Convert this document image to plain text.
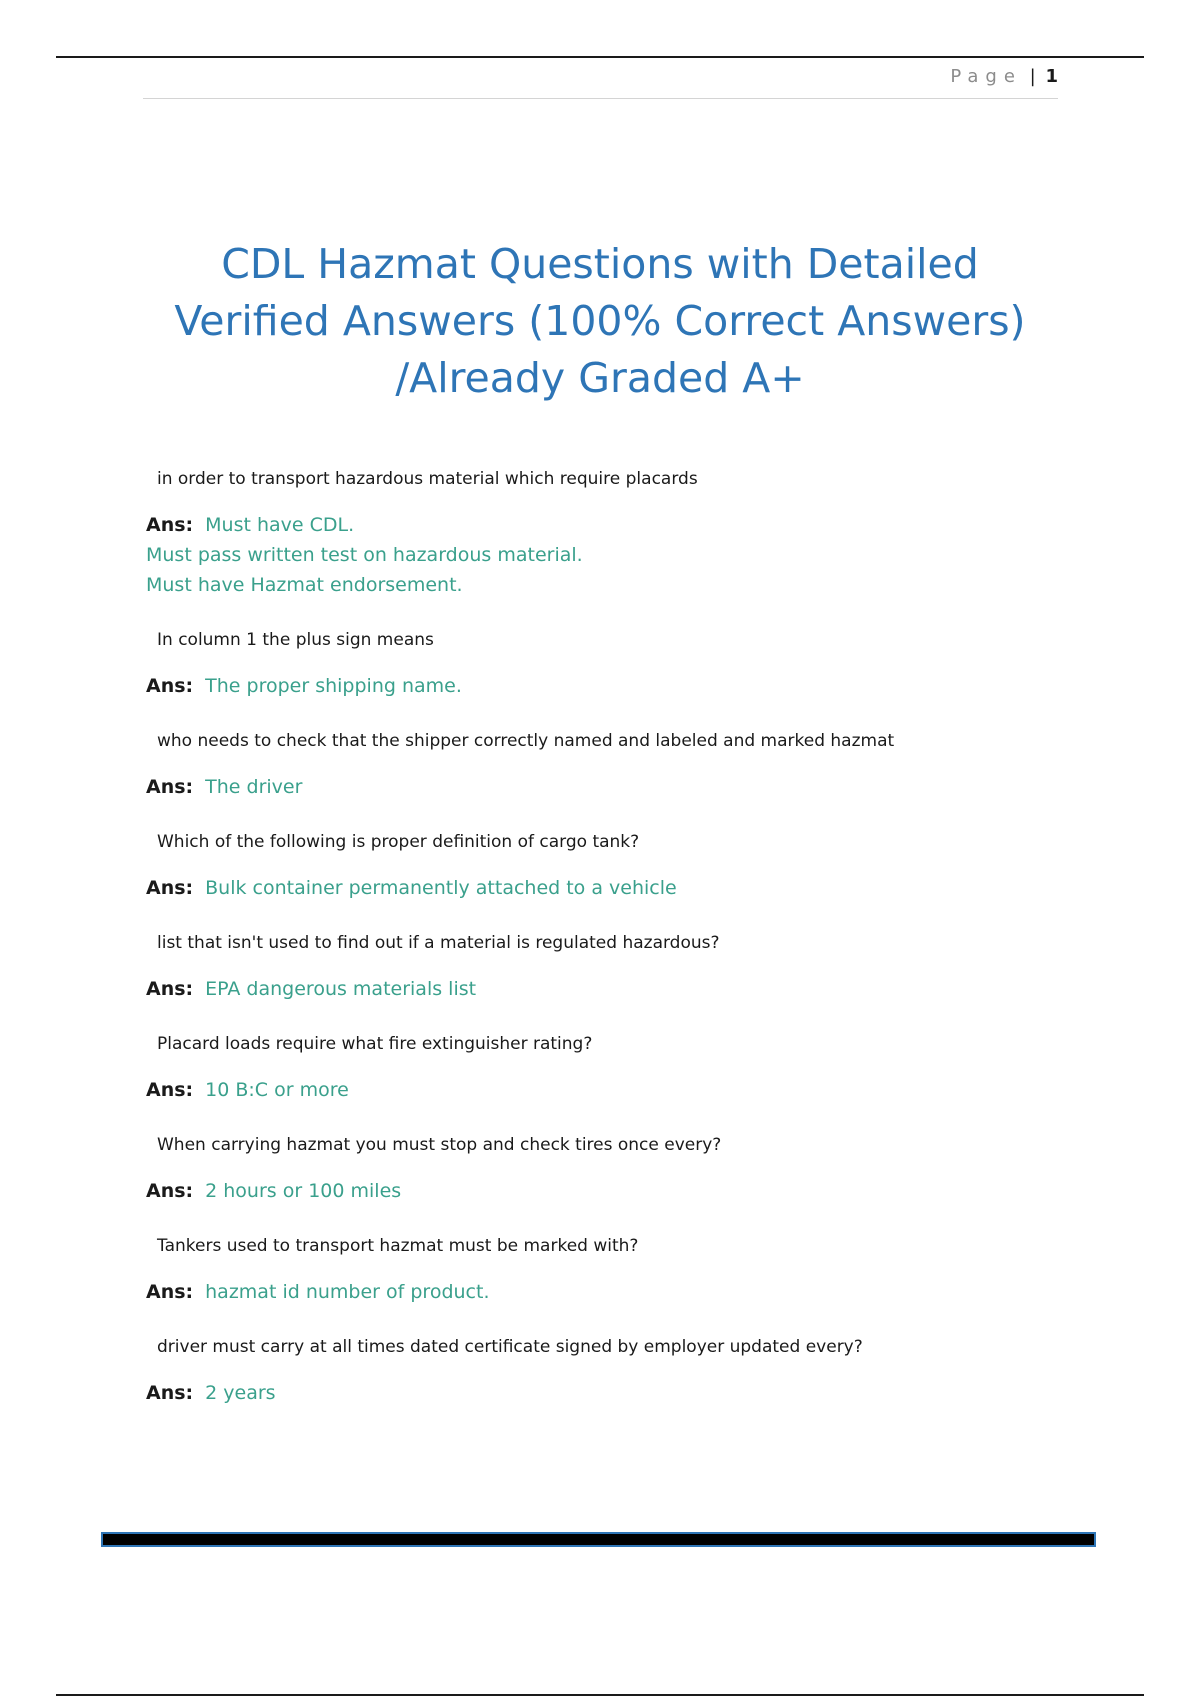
Page | 1
CDL Hazmat Questions with Detailed
Verified Answers (100% Correct Answers)
/Already Graded A+
in order to transport hazardous material which require placards
Ans: Must have CDL.
Must pass written test on hazardous material.
Must have Hazmat endorsement.
In column 1 the plus sign means
Ans: The proper shipping name.
who needs to check that the shipper correctly named and labeled and marked hazmat
Ans: The driver
Which of the following is proper definition of cargo tank?
Ans: Bulk container permanently attached to a vehicle
list that isn't used to find out if a material is regulated hazardous?
Ans: EPA dangerous materials list
Placard loads require what fire extinguisher rating?
Ans: 10 B:C or more
When carrying hazmat you must stop and check tires once every?
Ans: 2 hours or 100 miles
Tankers used to transport hazmat must be marked with?
Ans: hazmat id number of product.
driver must carry at all times dated certificate signed by employer updated every?
Ans: 2 years
